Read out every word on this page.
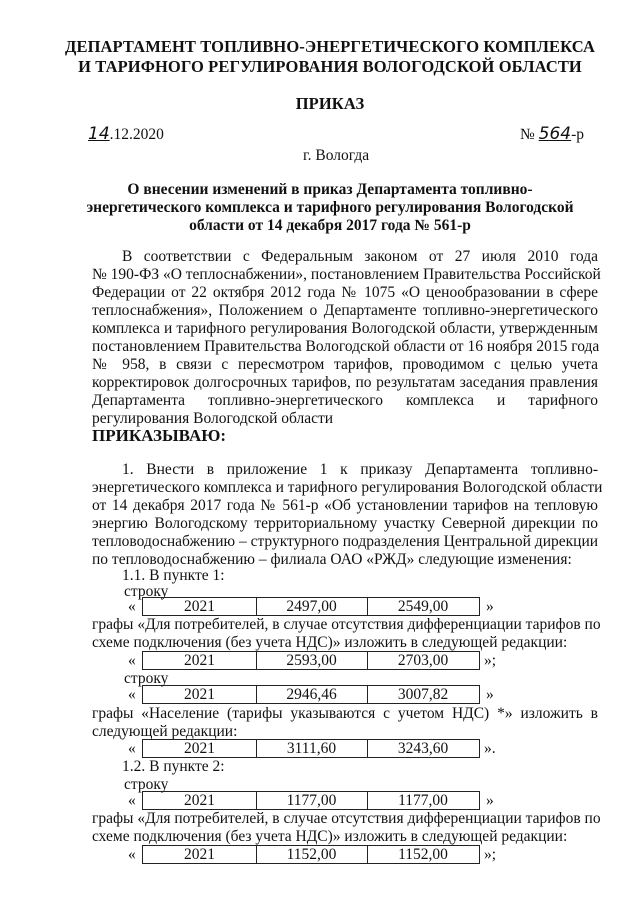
ДЕПАРТАМЕНТ ТОПЛИВНО-ЭНЕРГЕТИЧЕСКОГО КОМПЛЕКСА
И ТАРИФНОГО РЕГУЛИРОВАНИЯ ВОЛОГОДСКОЙ ОБЛАСТИ
ПРИКАЗ
14.12.2020	№ 564-р
г. Вологда
О внесении изменений в приказ Департамента топливно-
энергетического комплекса и тарифного регулирования Вологодской
области от 14 декабря 2017 года № 561-р
В соответствии с Федеральным законом от 27 июля 2010 года
№ 190-ФЗ «О теплоснабжении», постановлением Правительства Российской
Федерации от 22 октября 2012 года № 1075 «О ценообразовании в сфере
теплоснабжения», Положением о Департаменте топливно-энергетического
комплекса и тарифного регулирования Вологодской области, утвержденным
постановлением Правительства Вологодской области от 16 ноября 2015 года
№ 958, в связи с пересмотром тарифов, проводимом с целью учета
корректировок долгосрочных тарифов, по результатам заседания правления
Департамента топливно-энергетического комплекса и тарифного
регулирования Вологодской области
ПРИКАЗЫВАЮ:
1. Внести в приложение 1 к приказу Департамента топливно-
энергетического комплекса и тарифного регулирования Вологодской области
от 14 декабря 2017 года № 561-р «Об установлении тарифов на тепловую
энергию Вологодскому территориальному участку Северной дирекции по
тепловодоснабжению – структурного подразделения Центральной дирекции
по тепловодоснабжению – филиала ОАО «РЖД» следующие изменения:
1.1. В пункте 1:
строку
«	2021	2497,00	2549,00	»
графы «Для потребителей, в случае отсутствия дифференциации тарифов по
схеме подключения (без учета НДС)» изложить в следующей редакции:
«	2021	2593,00	2703,00	»;
строку
«	2021	2946,46	3007,82	»
графы «Население (тарифы указываются с учетом НДС) *» изложить в
следующей редакции:
«	2021	3111,60	3243,60	».
1.2. В пункте 2:
строку
«	2021	1177,00	1177,00	»
графы «Для потребителей, в случае отсутствия дифференциации тарифов по
схеме подключения (без учета НДС)» изложить в следующей редакции:
«	2021	1152,00	1152,00	»;
